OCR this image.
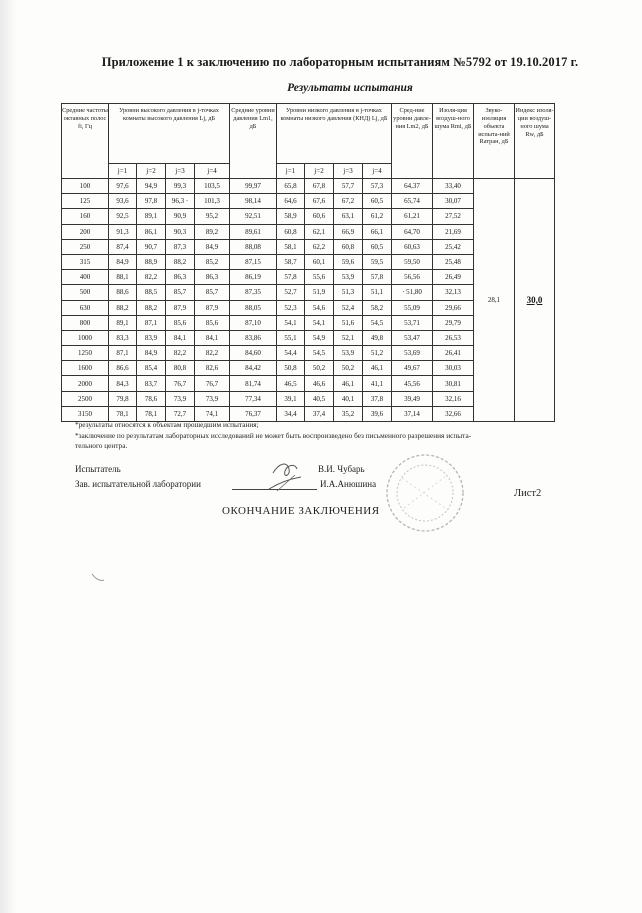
Приложение 1 к заключению по лабораторным испытаниям №5792 от 19.10.2017 г.
Результаты испытания
Средние частоты октавных полос fi, Гц	Уровни высокого давления в j-точках комнаты высокого давления Lj, дБ				Средние уровни давления Lm1, дБ	Уровни низкого давления в j-точках комнаты низкого давления (КНД) Lj, дБ				Сред-ние уровни давле-ния Lm2, дБ	Изоля-ция воздуш-ного шума Rmi, дБ	Звуко-изоляция объекта испыта-ний Rатран, дБ	Индекс изоля-ции воздуш-ного шума Rw, дБ
	j=1	j=2	j=3	j=4		j=1	j=2	j=3	j=4				
100	97,6	94,9	99,3	103,5	99,97	65,8	67,8	57,7	57,3	64,37	33,40	28,1	30,0
125	93,6	97,8	96,3 ·	101,3	98,14	64,6	67,6	67,2	60,5	65,74	30,07		
160	92,5	89,1	90,9	95,2	92,51	58,9	60,6	63,1	61,2	61,21	27,52		
200	91,3	86,1	90,3	89,2	89,61	60,8	62,1	66,9	66,1	64,70	21,69		
250	87,4	90,7	87,3	84,9	88,08	58,1	62,2	60,8	60,5	60,63	25,42		
315	84,9	88,9	88,2	85,2	87,15	58,7	60,1	59,6	59,5	59,50	25,48		
400	88,1	82,2	86,3	86,3	86,19	57,8	55,6	53,9	57,8	56,56	26,49		
500	88,6	88,5	85,7	85,7	87,35	52,7	51,9	51,3	51,1	· 51,80	32,13		
630	88,2	88,2	87,9	87,9	88,05	52,3	54,6	52,4	58,2	55,09	29,66		
800	89,1	87,1	85,6	85,6	87,10	54,1	54,1	51,6	54,5	53,71	29,79		
1000	83,3	83,9	84,1	84,1	83,86	55,1	54,9	52,1	49,8	53,47	26,53		
1250	87,1	84,9	82,2	82,2	84,60	54,4	54,5	53,9	51,2	53,69	26,41		
1600	86,6	85,4	80,8	82,6	84,42	50,8	50,2	50,2	46,1	49,67	30,03		
2000	84,3	83,7	76,7	76,7	81,74	46,5	46,6	46,1	41,1	45,56	30,81		
2500	79,8	78,6	73,9	73,9	77,34	39,1	40,5	40,1	37,8	39,49	32,16		
3150	78,1	78,1	72,7	74,1	76,37	34,4	37,4	35,2	39,6	37,14	32,66		
*результаты относятся к объектам прошедшим испытания;
*заключение по результатам лабораторных исследований не может быть воспроизведено без письменного разрешения испыта-
тельного центра.
Испытатель	В.И. Чубарь
Зав. испытательной лаборатории	И.А.Анюшина
Лист2
ОКОНЧАНИЕ ЗАКЛЮЧЕНИЯ
